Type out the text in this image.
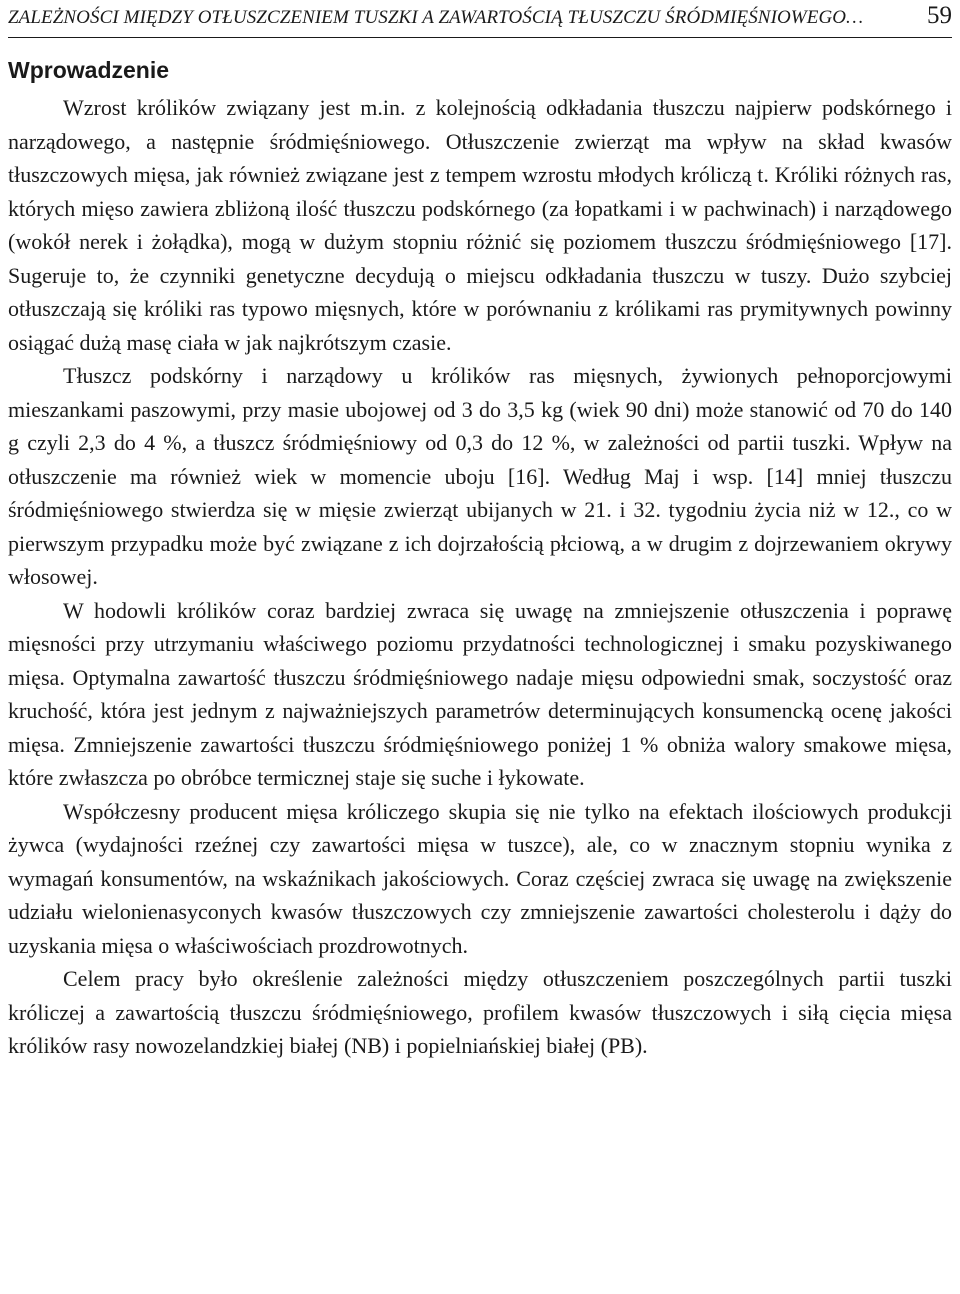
ZALEŻNOŚCI MIĘDZY OTŁUSZCZENIEM TUSZKI A ZAWARTOŚCIĄ TŁUSZCZU ŚRÓDMIĘŚNIOWEGO…	59
Wprowadzenie

Wzrost królików związany jest m.in. z kolejnością odkładania tłuszczu najpierw podskórnego i narządowego, a następnie śródmięśniowego. Otłuszczenie zwierząt ma wpływ na skład kwasów tłuszczowych mięsa, jak również związane jest z tempem wzrostu młodych króliczą t. Króliki różnych ras, których mięso zawiera zbliżoną ilość tłuszczu podskórnego (za łopatkami i w pachwinach) i narządowego (wokół nerek i żołądka), mogą w dużym stopniu różnić się poziomem tłuszczu śródmięśniowego [17]. Sugeruje to, że czynniki genetyczne decydują o miejscu odkładania tłuszczu w tuszy. Dużo szybciej otłuszczają się króliki ras typowo mięsnych, które w porównaniu z królikami ras prymitywnych powinny osiągać dużą masę ciała w jak najkrótszym czasie.

Tłuszcz podskórny i narządowy u królików ras mięsnych, żywionych pełnoporcjowymi mieszankami paszowymi, przy masie ubojowej od 3 do 3,5 kg (wiek 90 dni) może stanowić od 70 do 140 g czyli 2,3 do 4 %, a tłuszcz śródmięśniowy od 0,3 do 12 %, w zależności od partii tuszki. Wpływ na otłuszczenie ma również wiek w momencie uboju [16]. Według Maj i wsp. [14] mniej tłuszczu śródmięśniowego stwierdza się w mięsie zwierząt ubijanych w 21. i 32. tygodniu życia niż w 12., co w pierwszym przypadku może być związane z ich dojrzałością płciową, a w drugim z dojrzewaniem okrywy włosowej.

W hodowli królików coraz bardziej zwraca się uwagę na zmniejszenie otłuszczenia i poprawę mięsności przy utrzymaniu właściwego poziomu przydatności technologicznej i smaku pozyskiwanego mięsa. Optymalna zawartość tłuszczu śródmięśniowego nadaje mięsu odpowiedni smak, soczystość oraz kruchość, która jest jednym z najważniejszych parametrów determinujących konsumencką ocenę jakości mięsa. Zmniejszenie zawartości tłuszczu śródmięśniowego poniżej 1 % obniża walory smakowe mięsa, które zwłaszcza po obróbce termicznej staje się suche i łykowate.

Współczesny producent mięsa króliczego skupia się nie tylko na efektach ilościowych produkcji żywca (wydajności rzeźnej czy zawartości mięsa w tuszce), ale, co w znacznym stopniu wynika z wymagań konsumentów, na wskaźnikach jakościowych. Coraz częściej zwraca się uwagę na zwiększenie udziału wielonienasyconych kwasów tłuszczowych czy zmniejszenie zawartości cholesterolu i dąży do uzyskania mięsa o właściwościach prozdrowotnych.

Celem pracy było określenie zależności między otłuszczeniem poszczególnych partii tuszki króliczej a zawartością tłuszczu śródmięśniowego, profilem kwasów tłuszczowych i siłą cięcia mięsa królików rasy nowozelandzkiej białej (NB) i popielniańskiej białej (PB).
